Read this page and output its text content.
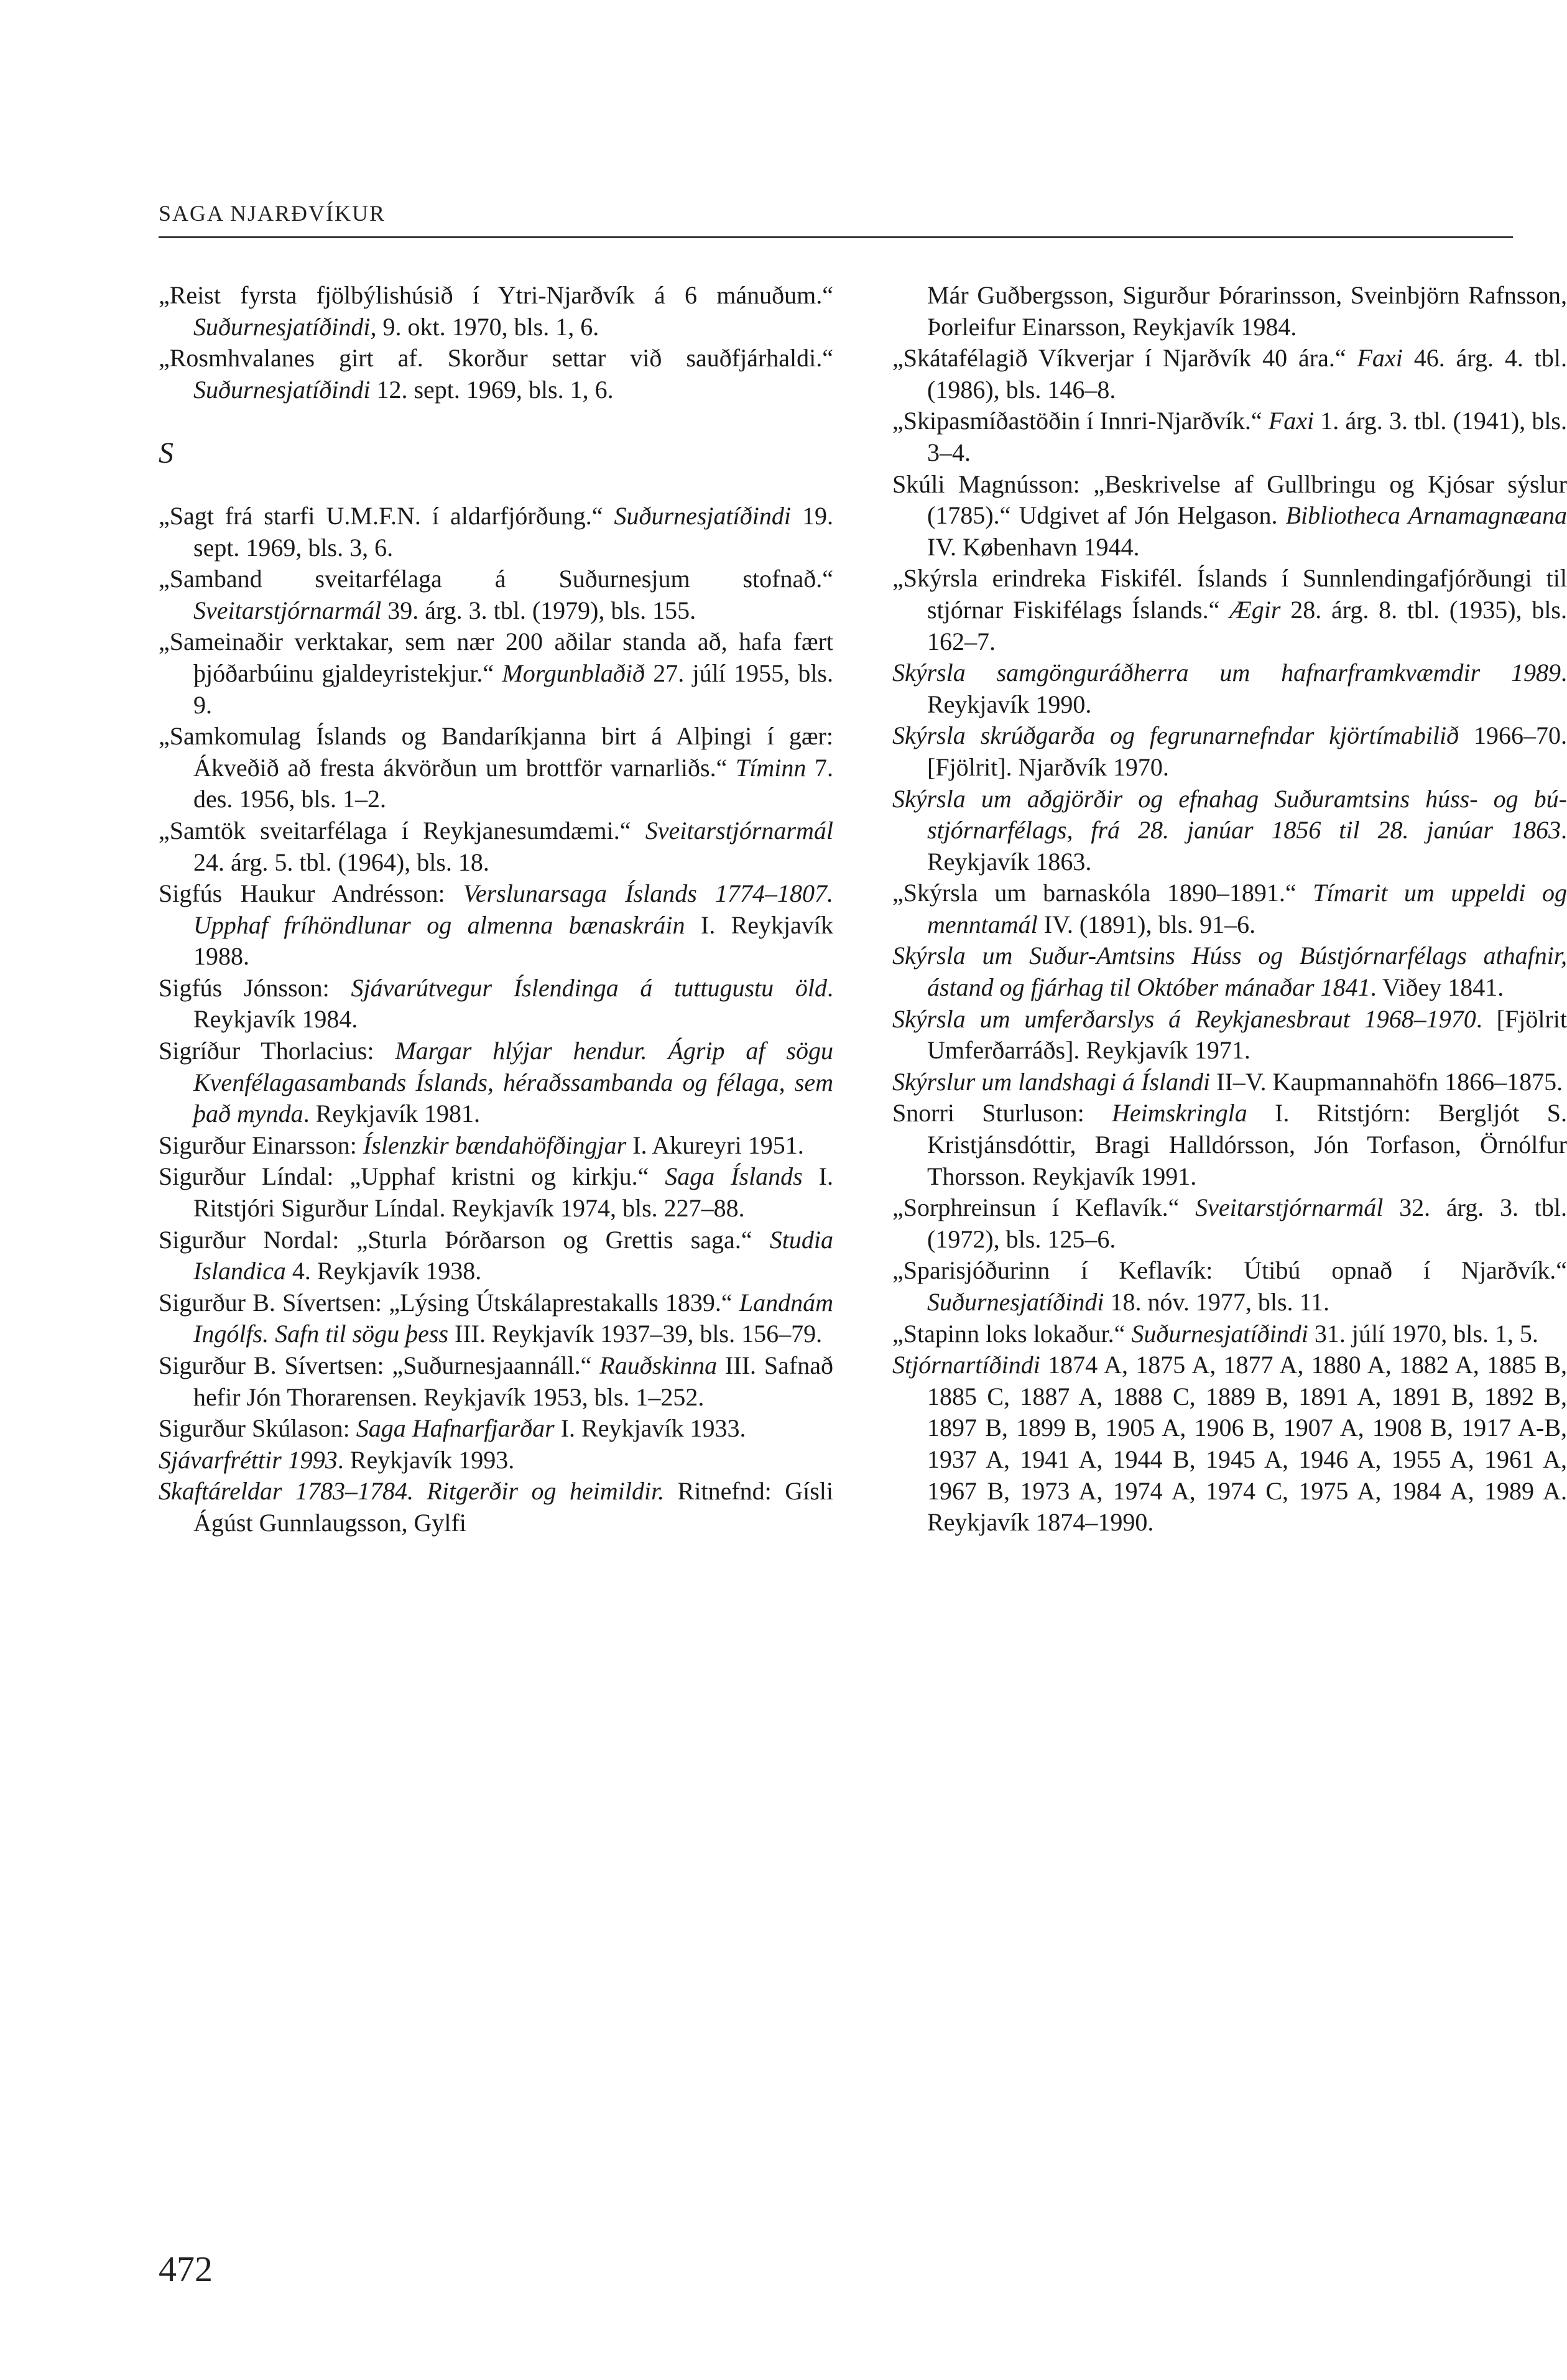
SAGA NJARÐVÍKUR

„Reist fyrsta fjölbýlishúsið í Ytri-Njarðvík á 6 mánuðum.“ Suðurnesjatíðindi, 9. okt. 1970, bls. 1, 6.

„Rosmhvalanes girt af. Skorður settar við sauðfjárhaldi.“ Suðurnesjatíðindi 12. sept. 1969, bls. 1, 6.

S

„Sagt frá starfi U.M.F.N. í aldarfjórðung.“ Suðurnesjatíðindi 19. sept. 1969, bls. 3, 6.

„Samband sveitarfélaga á Suðurnesjum stofnað.“ Sveitarstjórnarmál 39. árg. 3. tbl. (1979), bls. 155.

„Sameinaðir verktakar, sem nær 200 aðilar standa að, hafa fært þjóðarbúinu gjaldeyristekjur.“ Morgunblaðið 27. júlí 1955, bls. 9.

„Samkomulag Íslands og Bandaríkjanna birt á Alþingi í gær: Ákveðið að fresta ákvörðun um brottför varnarliðs.“ Tíminn 7. des. 1956, bls. 1–2.

„Samtök sveitarfélaga í Reykjanesumdæmi.“ Sveitarstjórnarmál 24. árg. 5. tbl. (1964), bls. 18.

Sigfús Haukur Andrésson: Verslunarsaga Íslands 1774–1807. Upphaf fríhöndlunar og almenna bænaskráin I. Reykjavík 1988.

Sigfús Jónsson: Sjávarútvegur Íslendinga á tuttugustu öld. Reykjavík 1984.

Sigríður Thorlacius: Margar hlýjar hendur. Ágrip af sögu Kvenfélagasambands Íslands, héraðssambanda og félaga, sem það mynda. Reykjavík 1981.

Sigurður Einarsson: Íslenzkir bændahöfðingjar I. Akureyri 1951.

Sigurður Líndal: „Upphaf kristni og kirkju.“ Saga Íslands I. Ritstjóri Sigurður Líndal. Reykjavík 1974, bls. 227–88.

Sigurður Nordal: „Sturla Þórðarson og Grettis saga.“ Studia Islandica 4. Reykjavík 1938.

Sigurður B. Sívertsen: „Lýsing Útskálaprestakalls 1839.“ Landnám Ingólfs. Safn til sögu þess III. Reykjavík 1937–39, bls. 156–79.

Sigurður B. Sívertsen: „Suðurnesjaannáll.“ Rauðskinna III. Safnað hefir Jón Thorarensen. Reykjavík 1953, bls. 1–252.

Sigurður Skúlason: Saga Hafnarfjarðar I. Reykjavík 1933.

Sjávarfréttir 1993. Reykjavík 1993.

Skaftáreldar 1783–1784. Ritgerðir og heimildir. Ritnefnd: Gísli Ágúst Gunnlaugsson, Gylfi

Már Guðbergsson, Sigurður Þórarinsson, Sveinbjörn Rafnsson, Þorleifur Einarsson, Reykjavík 1984.

„Skátafélagið Víkverjar í Njarðvík 40 ára.“ Faxi 46. árg. 4. tbl. (1986), bls. 146–8.

„Skipasmíðastöðin í Innri-Njarðvík.“ Faxi 1. árg. 3. tbl. (1941), bls. 3–4.

Skúli Magnússon: „Beskrivelse af Gullbringu og Kjósar sýslur (1785).“ Udgivet af Jón Helgason. Bibliotheca Arnamagnæana IV. København 1944.

„Skýrsla erindreka Fiskifél. Íslands í Sunnlendingafjórðungi til stjórnar Fiskifélags Íslands.“ Ægir 28. árg. 8. tbl. (1935), bls. 162–7.

Skýrsla samgönguráðherra um hafnarframkvæmdir 1989. Reykjavík 1990.

Skýrsla skrúðgarða og fegrunarnefndar kjörtímabilið 1966–70. [Fjölrit]. Njarðvík 1970.

Skýrsla um aðgjörðir og efnahag Suðuramtsins húss- og bú-stjórnarfélags, frá 28. janúar 1856 til 28. janúar 1863. Reykjavík 1863.

„Skýrsla um barnaskóla 1890–1891.“ Tímarit um uppeldi og menntamál IV. (1891), bls. 91–6.

Skýrsla um Suður-Amtsins Húss og Bústjórnarfélags athafnir, ástand og fjárhag til Október mánaðar 1841. Viðey 1841.

Skýrsla um umferðarslys á Reykjanesbraut 1968–1970. [Fjölrit Umferðarráðs]. Reykjavík 1971.

Skýrslur um landshagi á Íslandi II–V. Kaupmannahöfn 1866–1875.

Snorri Sturluson: Heimskringla I. Ritstjórn: Bergljót S. Kristjánsdóttir, Bragi Halldórsson, Jón Torfason, Örnólfur Thorsson. Reykjavík 1991.

„Sorphreinsun í Keflavík.“ Sveitarstjórnarmál 32. árg. 3. tbl. (1972), bls. 125–6.

„Sparisjóðurinn í Keflavík: Útibú opnað í Njarðvík.“ Suðurnesjatíðindi 18. nóv. 1977, bls. 11.

„Stapinn loks lokaður.“ Suðurnesjatíðindi 31. júlí 1970, bls. 1, 5.

Stjórnartíðindi 1874 A, 1875 A, 1877 A, 1880 A, 1882 A, 1885 B, 1885 C, 1887 A, 1888 C, 1889 B, 1891 A, 1891 B, 1892 B, 1897 B, 1899 B, 1905 A, 1906 B, 1907 A, 1908 B, 1917 A-B, 1937 A, 1941 A, 1944 B, 1945 A, 1946 A, 1955 A, 1961 A, 1967 B, 1973 A, 1974 A, 1974 C, 1975 A, 1984 A, 1989 A. Reykjavík 1874–1990.

472
